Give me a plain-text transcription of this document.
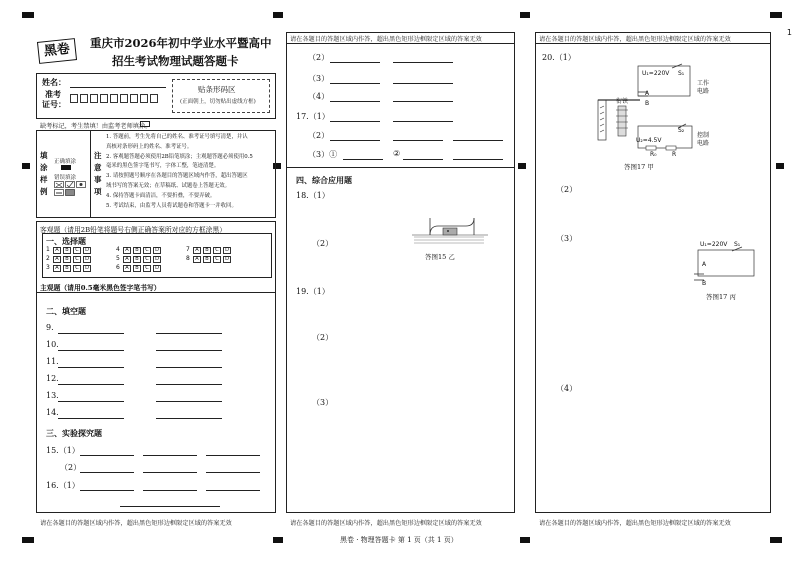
1
黑卷	重庆市2026年初中学业水平暨高中
招生考试物理试题答题卡
姓名：
准考
证号：
贴条形码区
(正面朝上，切勿贴出虚线方框)
缺考标记，考生禁填！由监考老师填涂。
填
涂
样
例
正确填涂
错误填涂
注
意
事
项
1. 答题前，考生先将自己的姓名、准考证号填写清楚，并认
真核对条形码上的姓名、准考证号。
2. 客观题答题必须使用2B铅笔填涂；主观题答题必须使用0.5
毫米的黑色签字笔书写，字体工整，笔迹清楚。
3. 请按照题号顺序在各题目的答题区域内作答，超出答题区
域书写的答案无效；在草稿纸、试题卷上答题无效。
4. 保持答题卡面清洁，不要折叠，不要弄破。
5. 考试结束，由监考人员将试题卷和答题卡一并收回。
客观题（请用2B铅笔将题号右侧正确答案所对应的方框涂黑）
一、选择题
1	A	B	C	D
2	A	B	C	D
3	A	B	C	D
4	A	B	C	D
5	A	B	C	D
6	A	B	C	D
7	A	B	C	D
8	A	B	C	D
主观题（请用0.5毫米黑色签字笔书写）
二、填空题
9.
10.
11.
12.
13.
14.
三、实验探究题
15.（1）
（2）
16.（1）
请在各题目的答题区域内作答，超出黑色矩形边框限定区域的答案无效
请在各题目的答题区域内作答，超出黑色矩形边框限定区域的答案无效
（2）
（3）
（4）
17.（1）
（2）
（3）①	②
四、综合应用题
18.（1）
（2）
答图15 乙
19.（1）
（2）
（3）
请在各题目的答题区域内作答，超出黑色矩形边框限定区域的答案无效
请在各题目的答题区域内作答，超出黑色矩形边框限定区域的答案无效
20.（1）
U₁=220V S₁
工作
电路
A
B
衔铁
S₂
U₂=4.5V
控制
电路
R₀	R
答图17 甲
（2）
（3）
U₁=220V S₁
A
B
答图17 丙
（4）
请在各题目的答题区域内作答，超出黑色矩形边框限定区域的答案无效
黑卷 · 物理答题卡 第 1 页（共 1 页）
